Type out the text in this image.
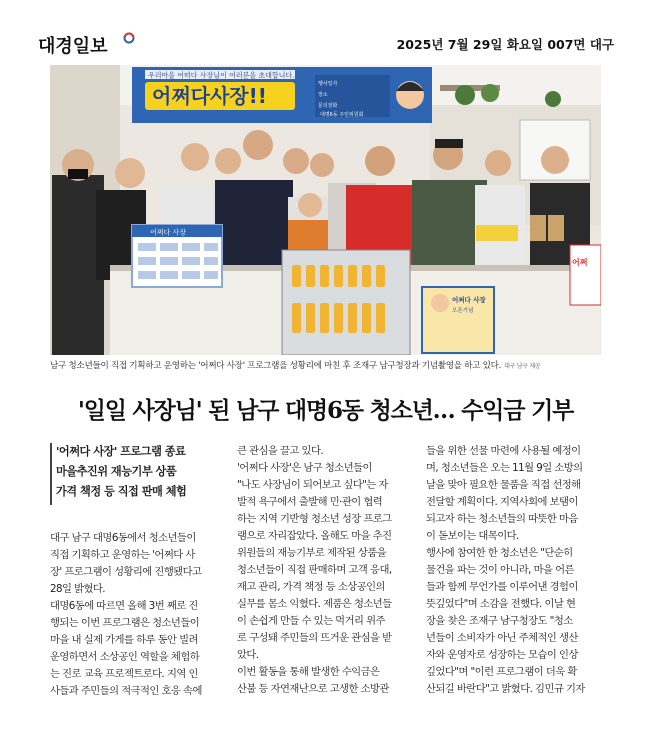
대경일보	2025년 7월 29일 화요일 007면 대구
우리마을 어떠다 사장님이 여러분을 초대합니다.
어쩌다사장!!	행사일자
장소
문의전화
대명6동 주민위원회
어쩌다 사장
어쩌다 사장
오픈기념
어쩌
남구 청소년들이 직접 기획하고 운영하는 '어쩌다 사장' 프로그램을 성황리에 마친 후 조재구 남구청장과 기념촬영을 하고 있다. 대구 남구 제공
'일일 사장님' 된 남구 대명6동 청소년… 수익금 기부

'어쩌다 사장' 프로그램 종료

마을추진위 재능기부 상품

가격 책정 등 직접 판매 체험

대구 남구 대명6동에서 청소년들이

직접 기획하고 운영하는 '어쩌다 사

장' 프로그램이 성황리에 진행됐다고

28일 밝혔다.

대명6동에 따르면 올해 3번 째로 진

행되는 이번 프로그램은 청소년들이

마을 내 실제 가게를 하루 동안 빌려

운영하면서 소상공인 역할을 체험하

는 진로 교육 프로젝트로다. 지역 인

사들과 주민들의 적극적인 호응 속에

큰 관심을 끌고 있다.

'어쩌다 사장'은 남구 청소년들이

"나도 사장님이 되어보고 싶다"는 자

발적 욕구에서 출발해 민·관이 협력

하는 지역 기반형 청소년 성장 프로그

램으로 자리잡았다. 올해도 마을 추진

위원들의 재능기부로 제작된 상품을

청소년들이 직접 판매하며 고객 응대,

재고 관리, 가격 책정 등 소상공인의

실무를 몸소 익혔다. 제품은 청소년들

이 손쉽게 만들 수 있는 먹거리 위주

로 구성돼 주민들의 뜨거운 관심을 받

았다.

이번 활동을 통해 발생한 수익금은

산불 등 자연재난으로 고생한 소방관

들을 위한 선물 마련에 사용될 예정이

며, 청소년들은 오는 11월 9일 소방의

날을 맞아 필요한 물품을 직접 선정해

전달할 계획이다. 지역사회에 보탬이

되고자 하는 청소년들의 따뜻한 마음

이 돋보이는 대목이다.

행사에 참여한 한 청소년은 "단순히

물건을 파는 것이 아니라, 마을 어른

들과 함께 무언가를 이루어낸 경험이

뜻깊었다"며 소감을 전했다. 이날 현

장을 찾은 조재구 남구청장도 "청소

년들이 소비자가 아닌 주체적인 생산

자와 운영자로 성장하는 모습이 인상

깊었다"며 "이런 프로그램이 더욱 확

산되길 바란다"고 밝혔다. 김민규 기자
